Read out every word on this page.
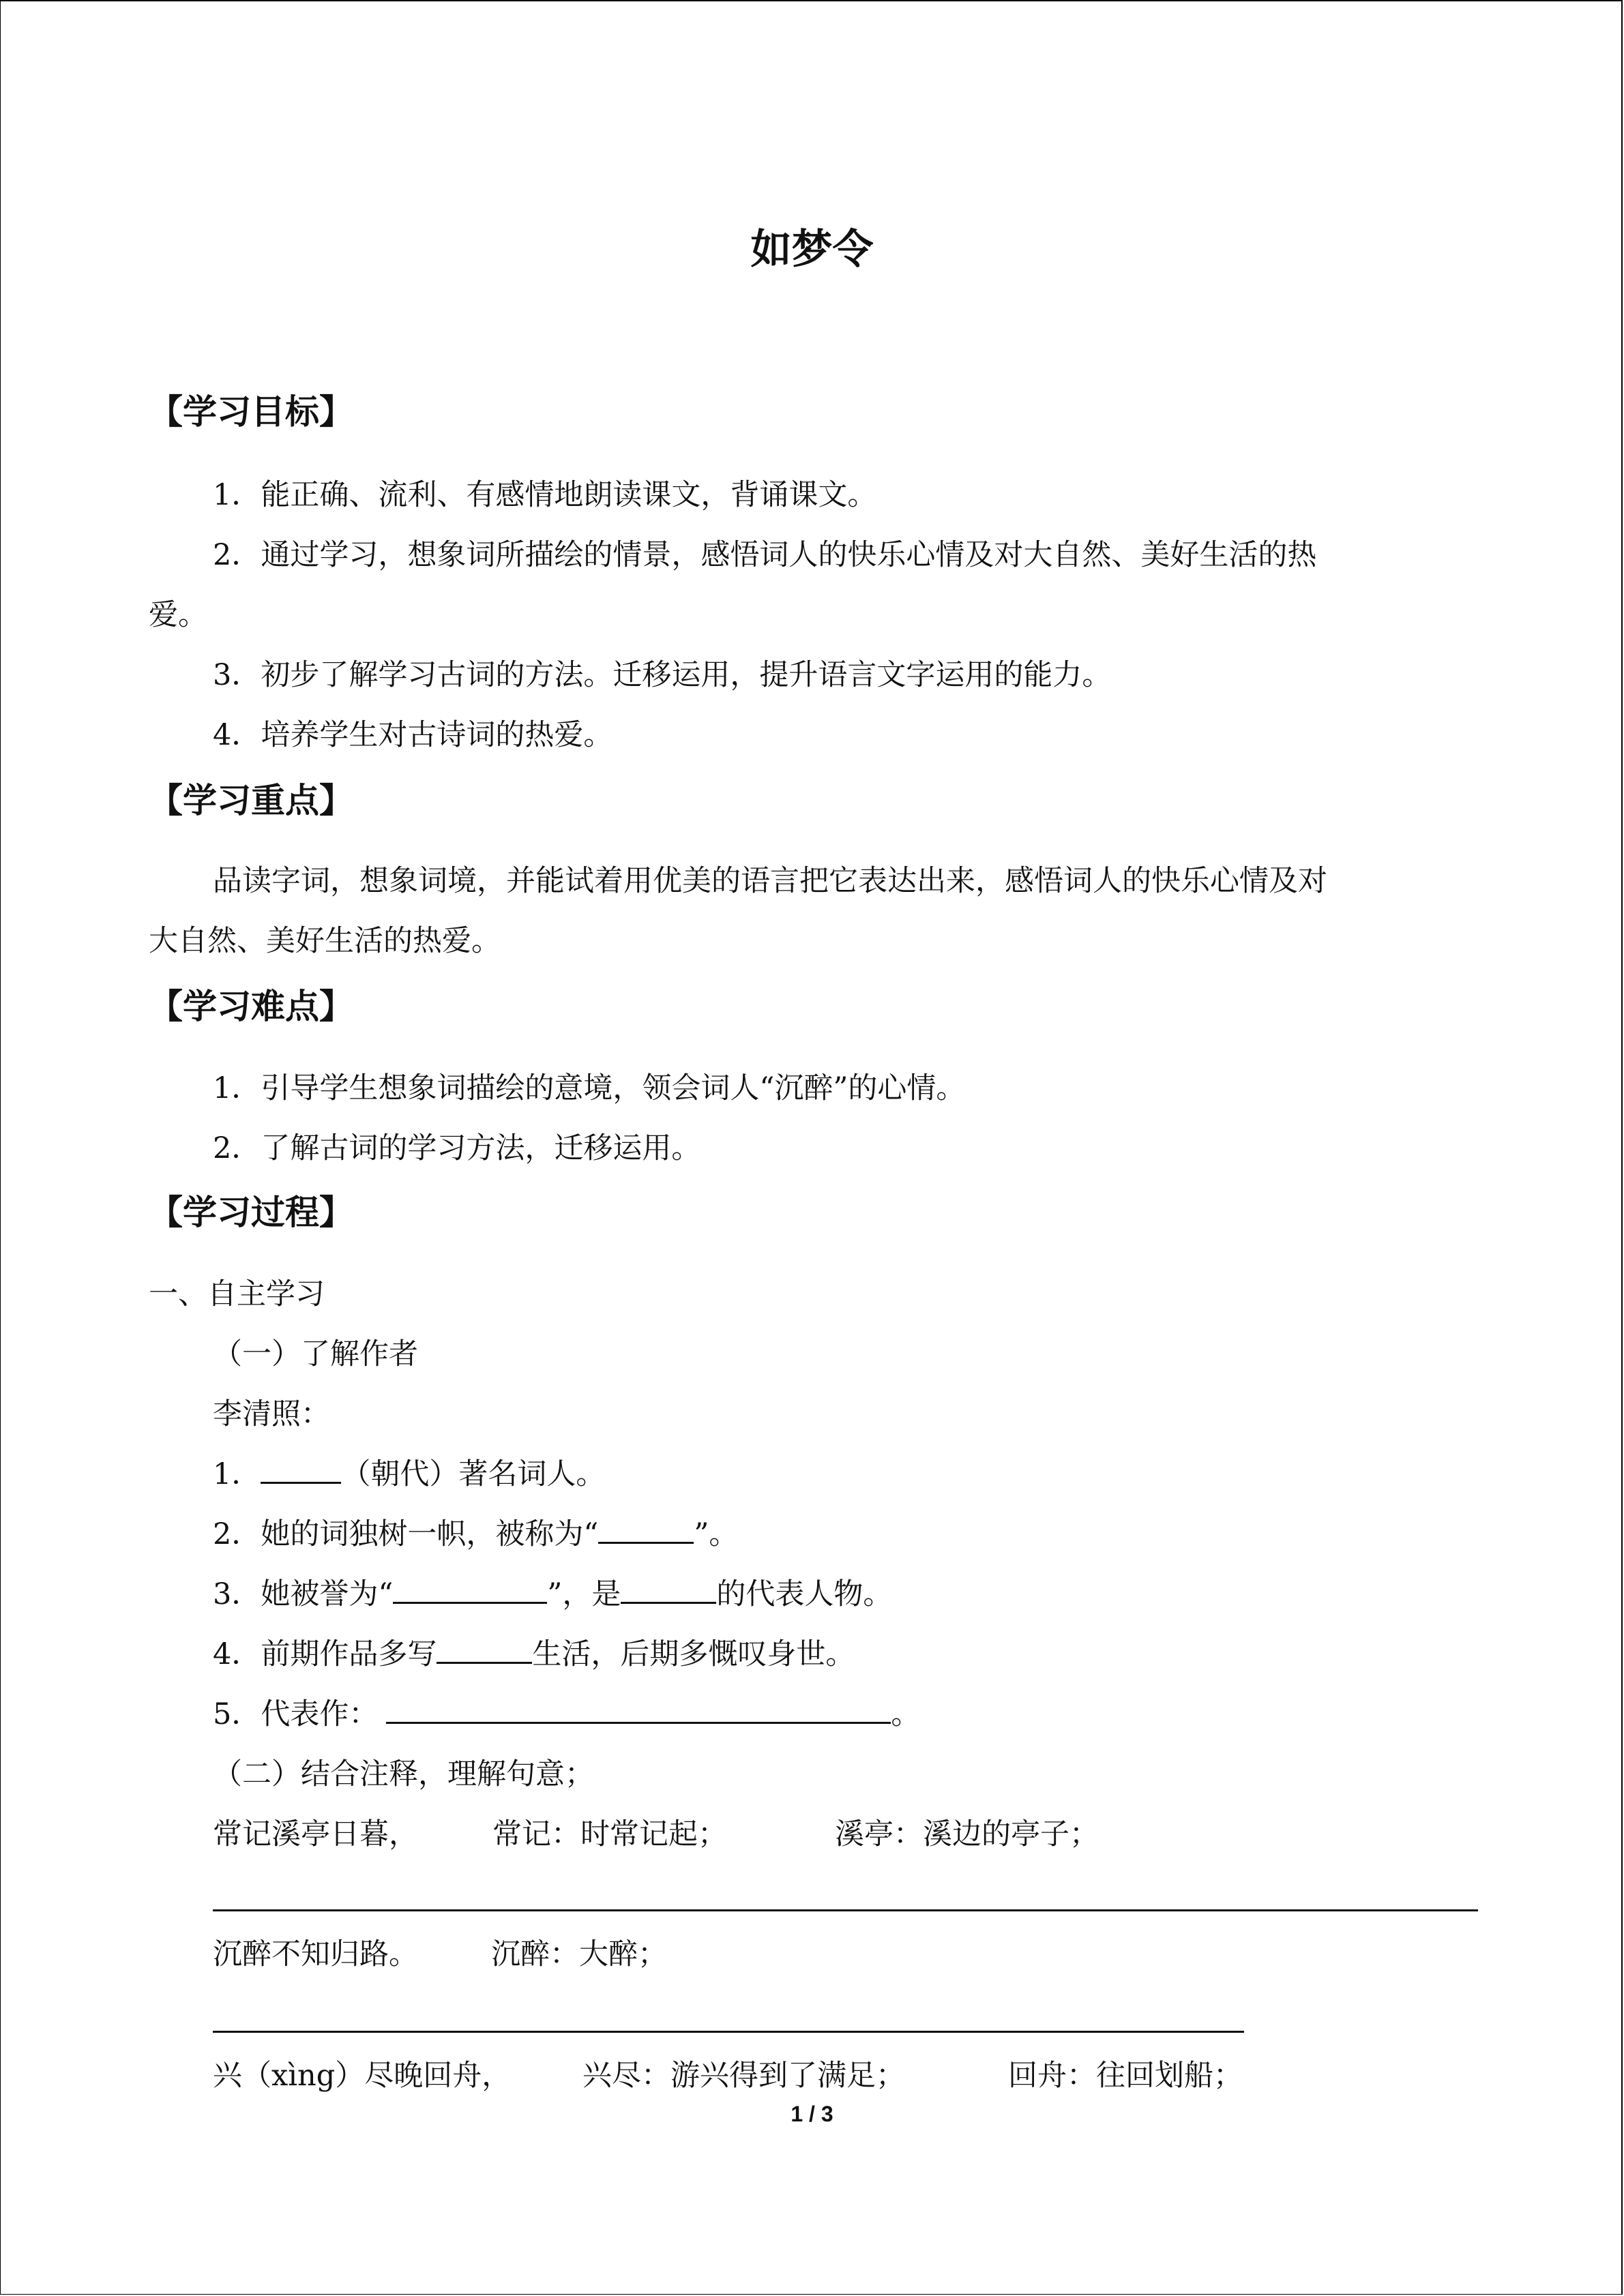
如梦令
【学习目标】
1．能正确、流利、有感情地朗读课文，背诵课文。
2．通过学习，想象词所描绘的情景，感悟词人的快乐心情及对大自然、美好生活的热
爱。
3．初步了解学习古词的方法。迁移运用，提升语言文字运用的能力。
4．培养学生对古诗词的热爱。
【学习重点】
品读字词，想象词境，并能试着用优美的语言把它表达出来，感悟词人的快乐心情及对
大自然、美好生活的热爱。
【学习难点】
1．引导学生想象词描绘的意境，领会词人“沉醉”的心情。
2．了解古词的学习方法，迁移运用。
【学习过程】
一、自主学习
（一）了解作者
李清照：
1．	（朝代）著名词人。
2．她的词独树一帜，被称为“	”。
3．她被誉为“	”，是	的代表人物。
4．前期作品多写	生活，后期多慨叹身世。
5．代表作：	。
（二）结合注释，理解句意；
常记溪亭日暮，	常记：时常记起；	溪亭：溪边的亭子；
沉醉不知归路。 沉醉：大醉；
兴（xìng）尽晚回舟， 兴尽：游兴得到了满足；	回舟：往回划船；
1 / 3
